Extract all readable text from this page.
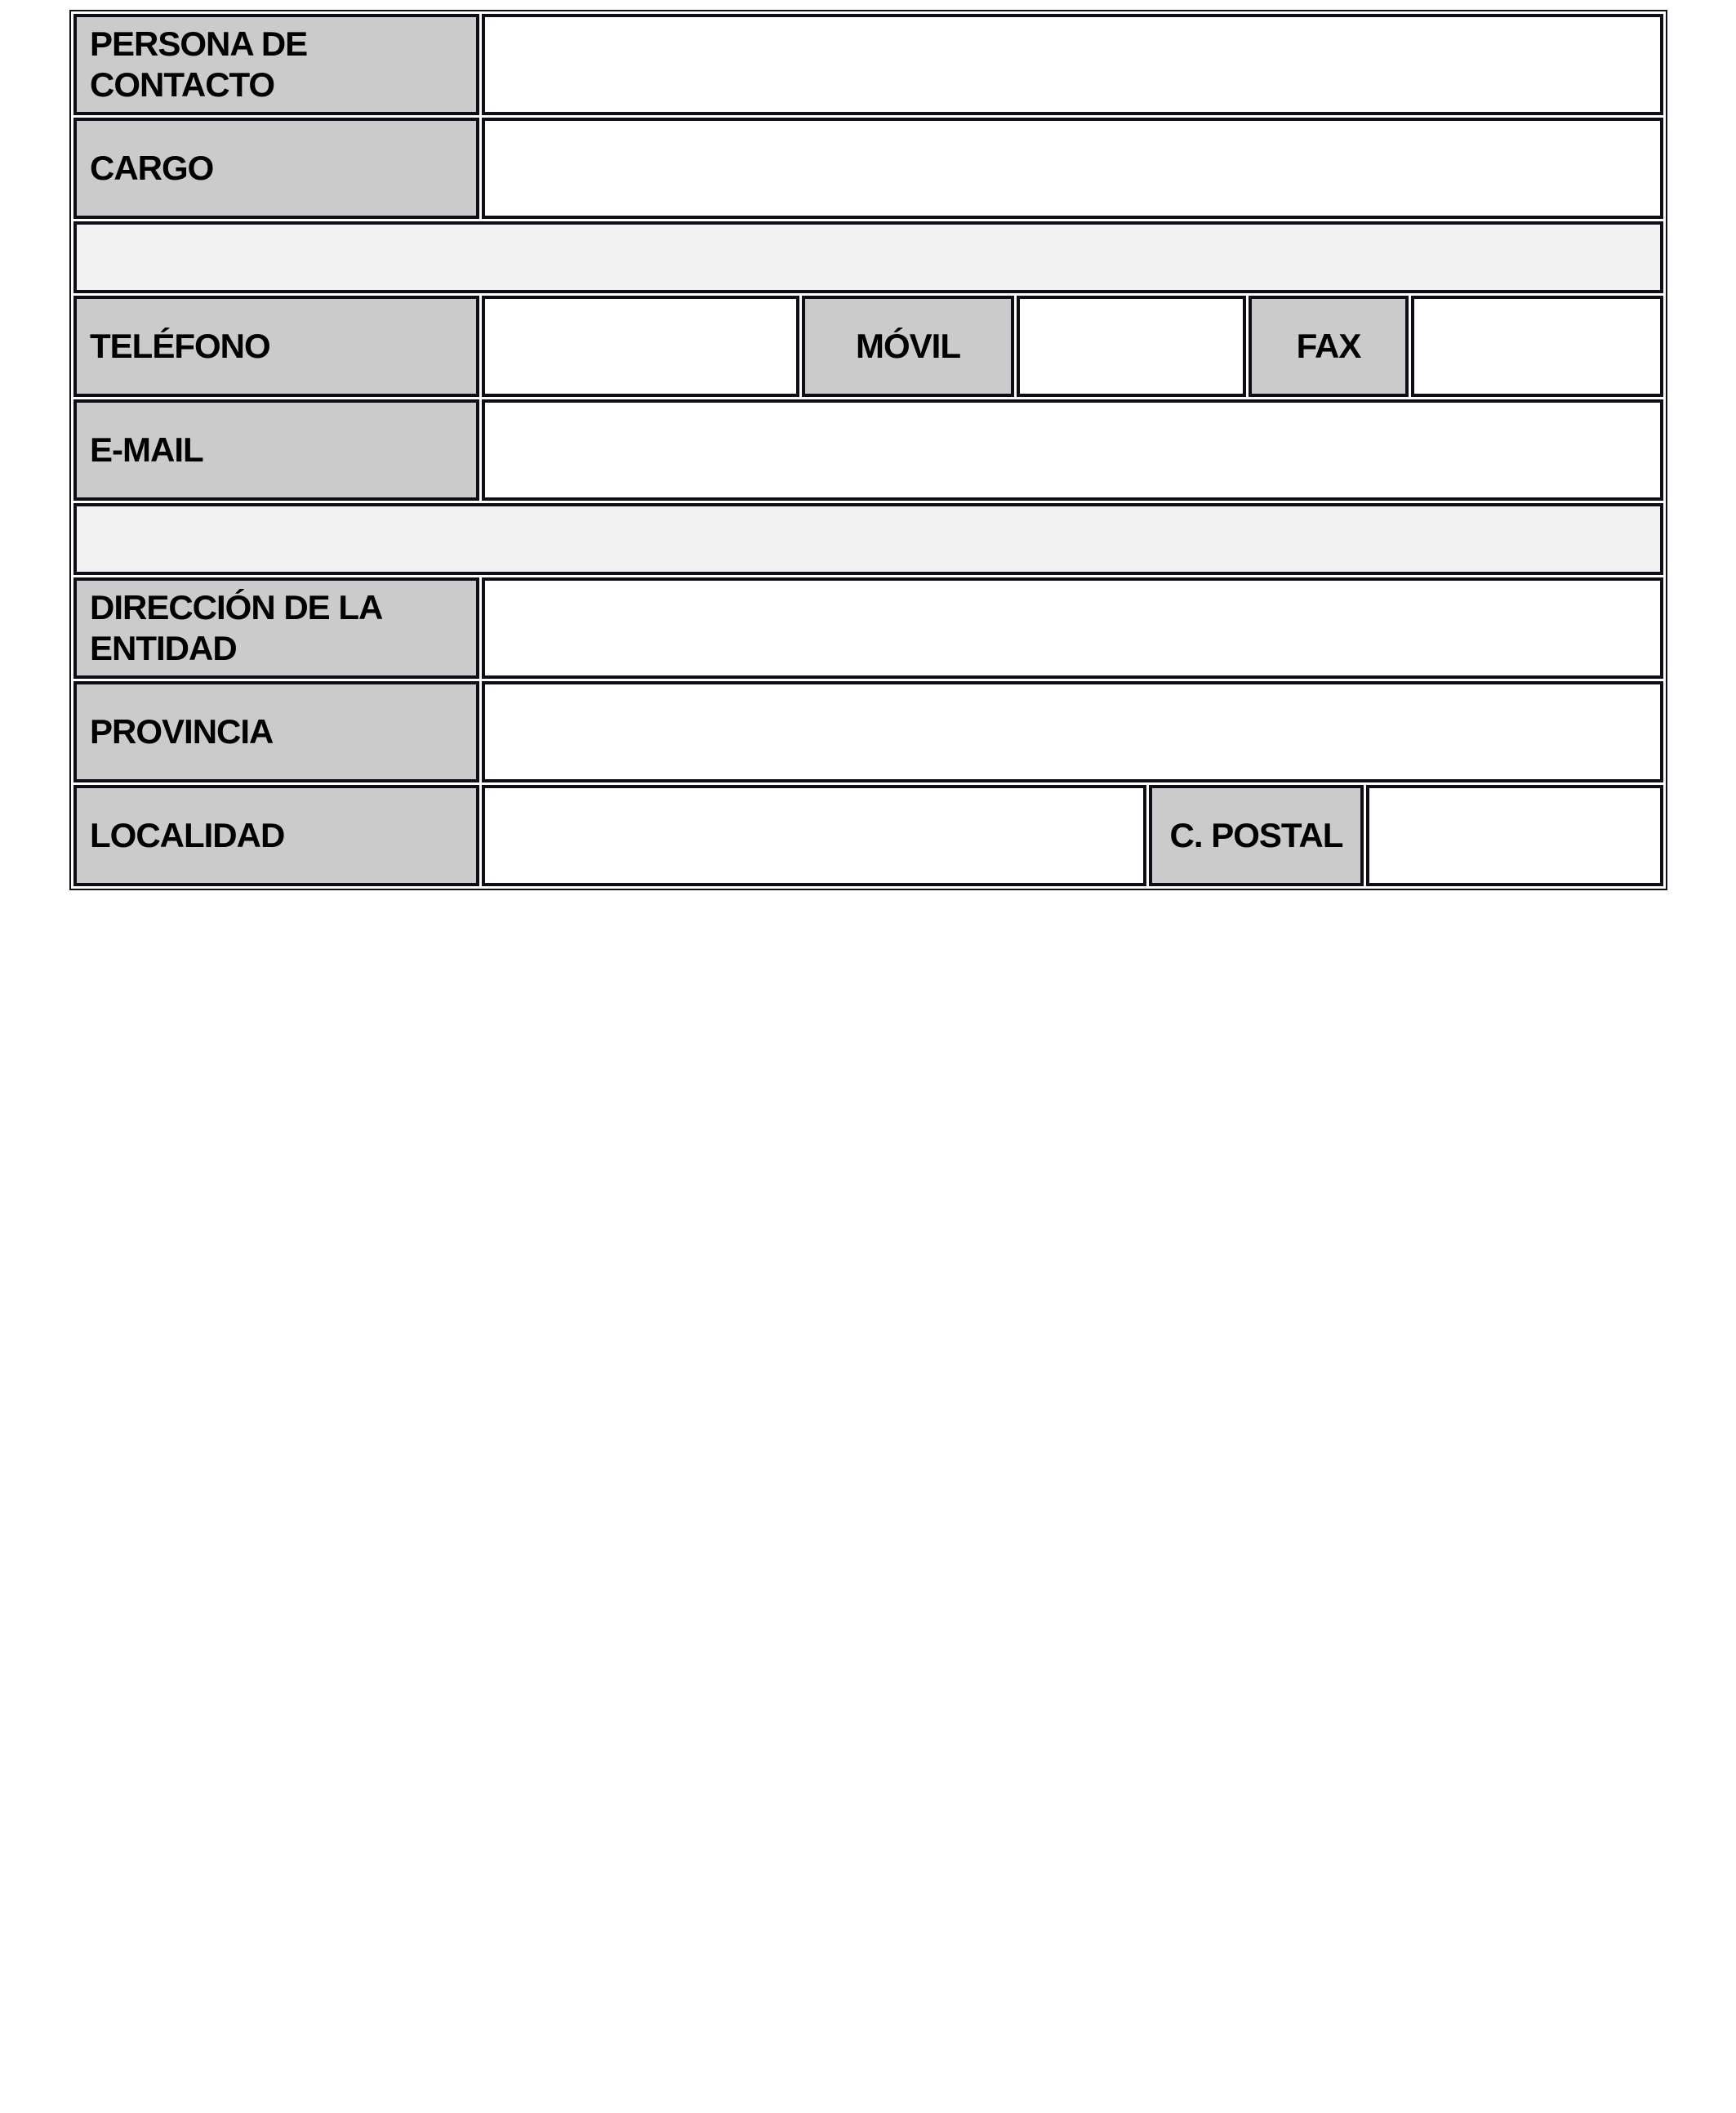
PERSONA DE CONTACTO
CARGO
TELÉFONO	MÓVIL	FAX
E-MAIL
DIRECCIÓN DE LA ENTIDAD
PROVINCIA
LOCALIDAD	C. POSTAL
